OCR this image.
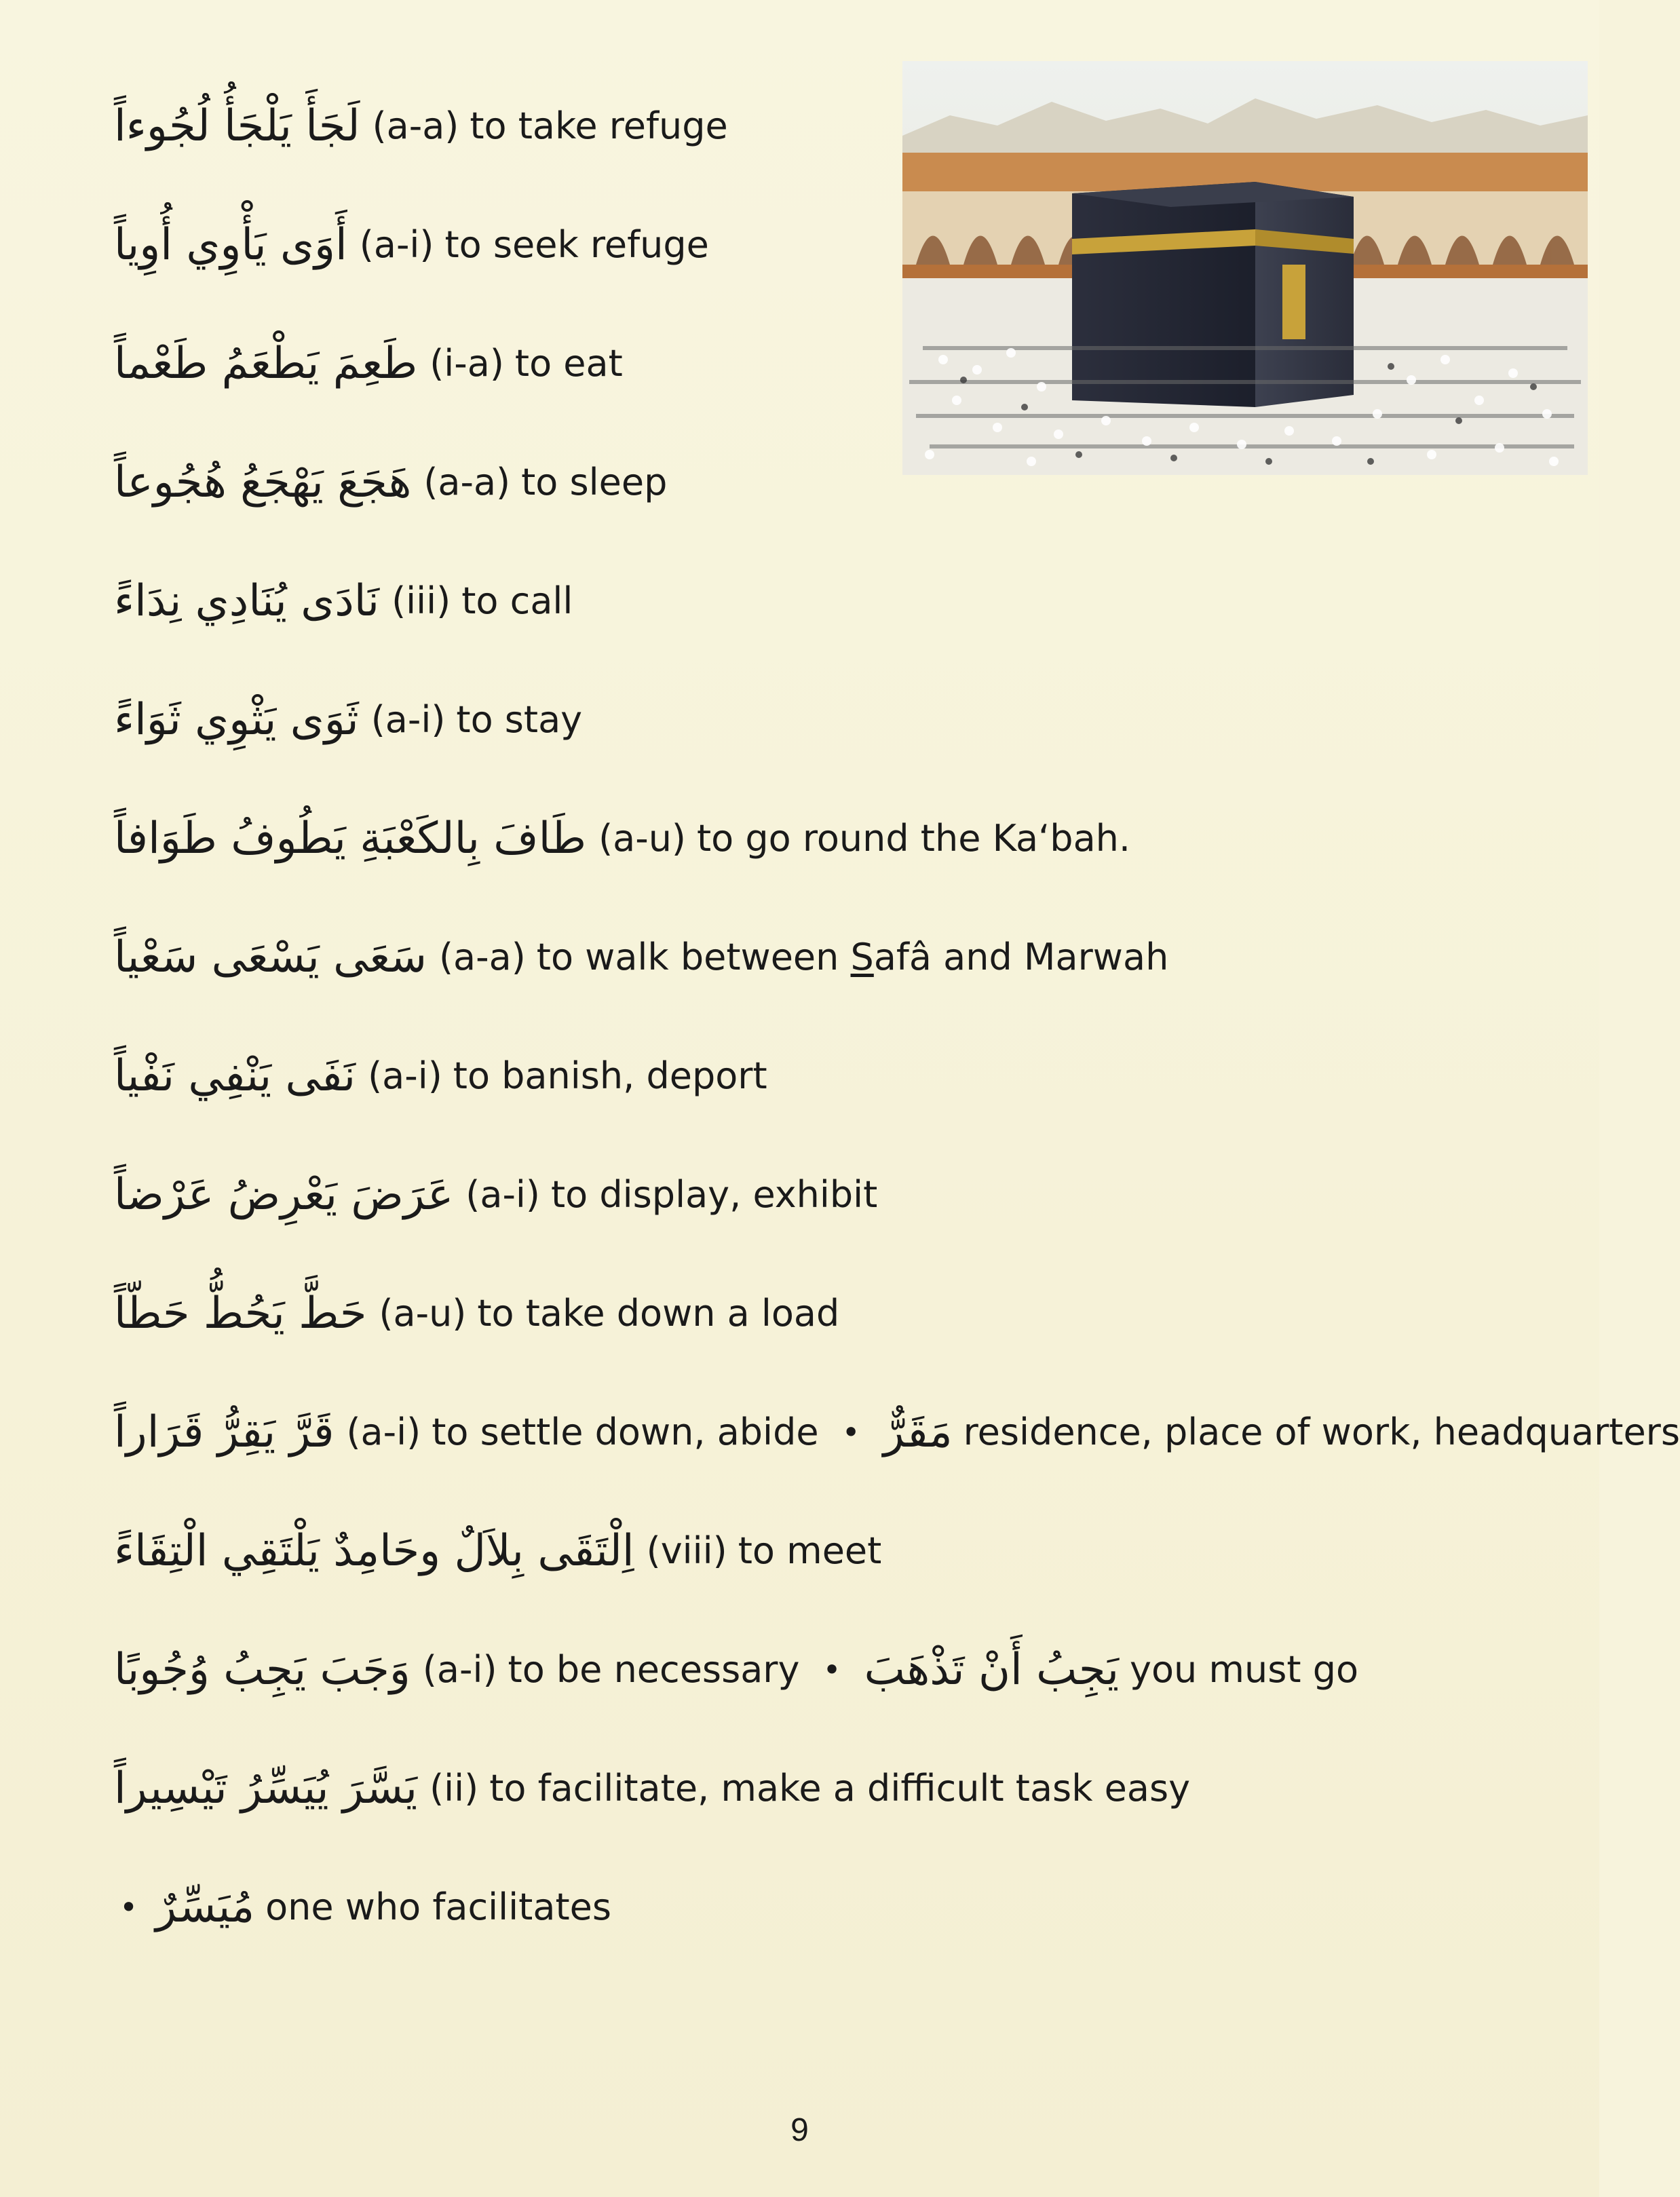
لَجَأَ يَلْجَأُ لُجُوءاً (a-a) to take refuge
أَوَى يَأْوِي أُوِياً (a-i) to seek refuge
طَعِمَ يَطْعَمُ طَعْماً (i-a) to eat
هَجَعَ يَهْجَعُ هُجُوعاً (a-a) to sleep
نَادَى يُنَادِي نِدَاءً (iii) to call
ثَوَى يَثْوِي ثَوَاءً (a-i) to stay
طَافَ بِالكَعْبَةِ يَطُوفُ طَوَافاً (a-u) to go round the Ka‘bah.
سَعَى يَسْعَى سَعْياً (a-a) to walk between Safâ and Marwah
نَفَى يَنْفِي نَفْياً (a-i) to banish, deport
عَرَضَ يَعْرِضُ عَرْضاً (a-i) to display, exhibit
حَطَّ يَحُطُّ حَطّاً (a-u) to take down a load
قَرَّ يَقِرُّ قَرَاراً (a-i) to settle down, abide • مَقَرٌّ residence, place of work, headquarters
اِلْتَقَى بِلاَلٌ وحَامِدٌ يَلْتَقِي الْتِقَاءً (viii) to meet
وَجَبَ يَجِبُ وُجُوبًا (a-i) to be necessary • يَجِبُ أَنْ تَذْهَبَ you must go
يَسَّرَ يُيَسِّرُ تَيْسِيراً (ii) to facilitate, make a difficult task easy
• مُيَسِّرٌ one who facilitates
9
